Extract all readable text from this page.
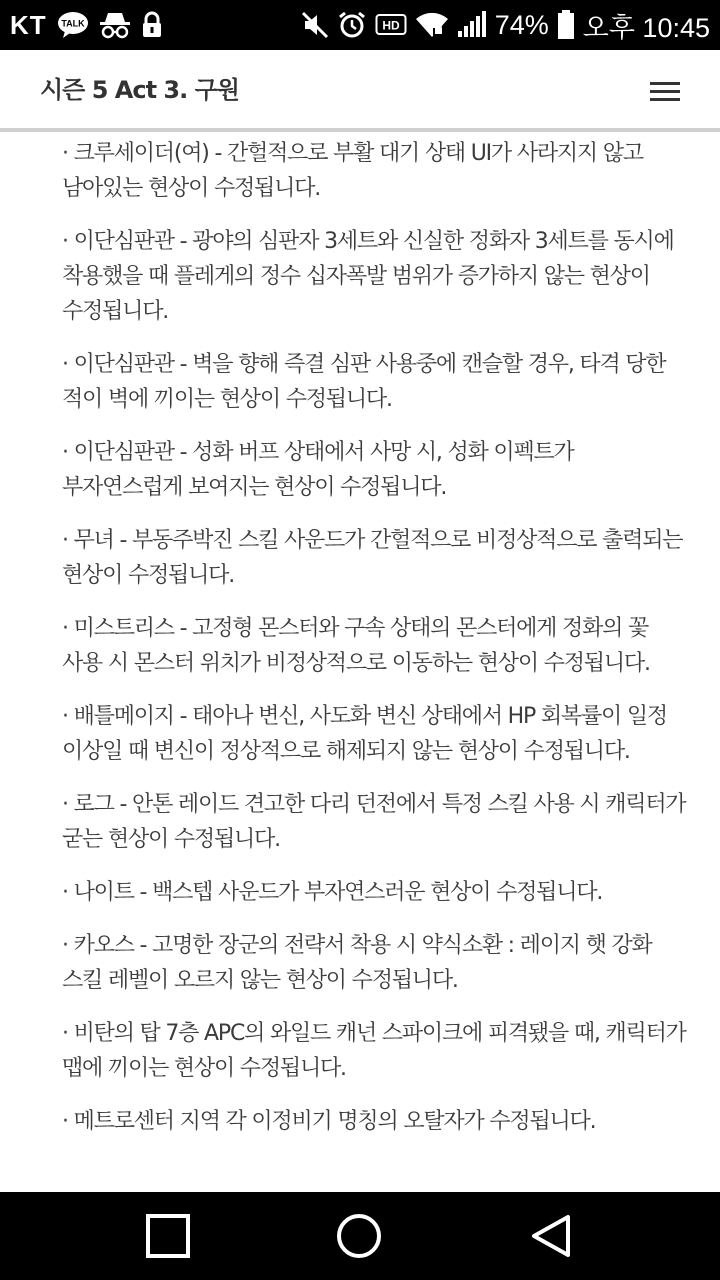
KT TALK	HD	74% 오후 10:45
시즌 5 Act 3. 구원
· 크루세이더(여) - 간헐적으로 부활 대기 상태 UI가 사라지지 않고 남아있는 현상이 수정됩니다.
· 이단심판관 - 광야의 심판자 3세트와 신실한 정화자 3세트를 동시에 착용했을 때 플레게의 정수 십자폭발 범위가 증가하지 않는 현상이 수정됩니다.
· 이단심판관 - 벽을 향해 즉결 심판 사용중에 캔슬할 경우, 타격 당한 적이 벽에 끼이는 현상이 수정됩니다.
· 이단심판관 - 성화 버프 상태에서 사망 시, 성화 이펙트가 부자연스럽게 보여지는 현상이 수정됩니다.
· 무녀 - 부동주박진 스킬 사운드가 간헐적으로 비정상적으로 출력되는 현상이 수정됩니다.
· 미스트리스 - 고정형 몬스터와 구속 상태의 몬스터에게 정화의 꽃 사용 시 몬스터 위치가 비정상적으로 이동하는 현상이 수정됩니다.
· 배틀메이지 - 태아나 변신, 사도화 변신 상태에서 HP 회복률이 일정 이상일 때 변신이 정상적으로 해제되지 않는 현상이 수정됩니다.
· 로그 - 안톤 레이드 견고한 다리 던전에서 특정 스킬 사용 시 캐릭터가 굳는 현상이 수정됩니다.
· 나이트 - 백스텝 사운드가 부자연스러운 현상이 수정됩니다.
· 카오스 - 고명한 장군의 전략서 착용 시 약식소환 : 레이지 햇 강화 스킬 레벨이 오르지 않는 현상이 수정됩니다.
· 비탄의 탑 7층 APC의 와일드 캐넌 스파이크에 피격됐을 때, 캐릭터가 맵에 끼이는 현상이 수정됩니다.
· 메트로센터 지역 각 이정비기 명칭의 오탈자가 수정됩니다.
